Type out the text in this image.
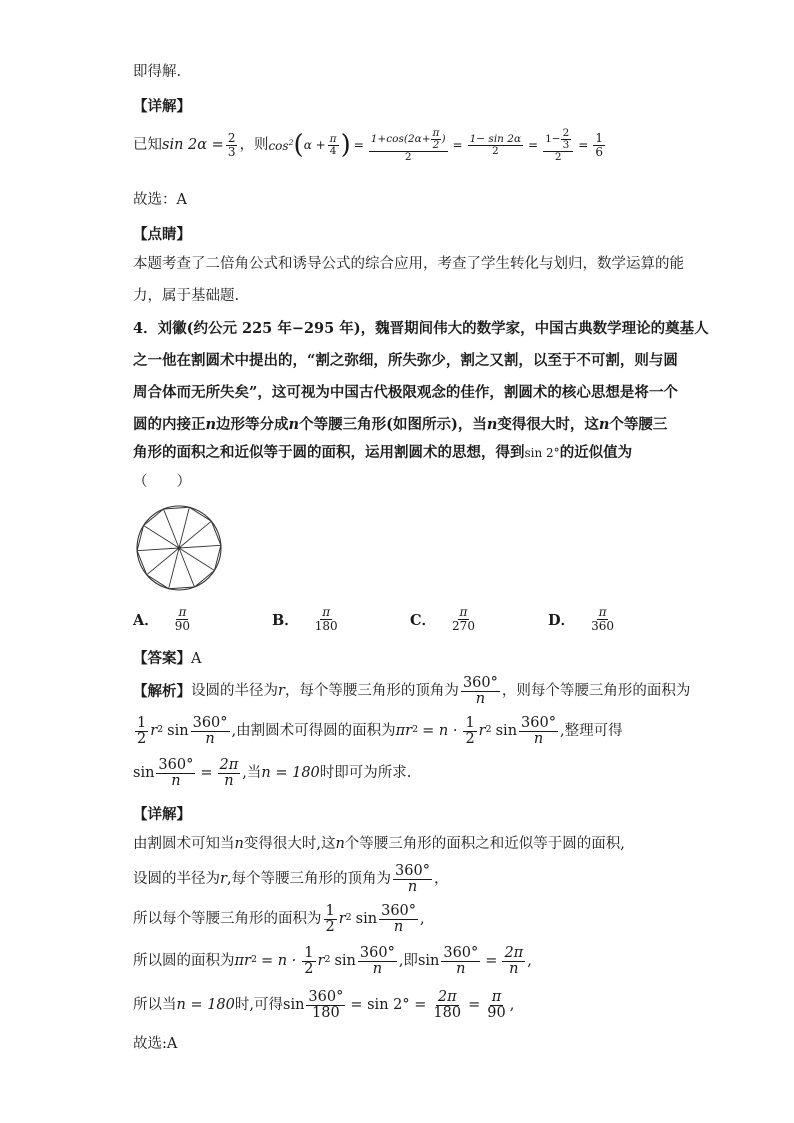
即得解.
【详解】
已知 $\sin 2\alpha = \frac{2}{3}$ ，则 $\cos^2$ ( $\alpha + \frac{\pi}{4}$ ) = $\frac{1+\cos(2\alpha+ \frac{\pi}{2} )}{2} = \frac{1- \sin 2\alpha}{2} = \frac{1- \frac{2}{3}}{2} = \frac{1}{6}$
故选：A
【点睛】
本题考查了二倍角公式和诱导公式的综合应用，考查了学生转化与划归，数学运算的能
力，属于基础题.
4．刘徽(约公元 225 年−295 年)，魏晋期间伟大的数学家，中国古典数学理论的奠基人
之一他在割圆术中提出的，“割之弥细，所失弥少，割之又割，以至于不可割，则与圆
周合体而无所失矣”，这可视为中国古代极限观念的佳作，割圆术的核心思想是将一个
圆的内接正n边形等分成n个等腰三角形(如图所示)，当n变得很大时，这n个等腰三
角形的面积之和近似等于圆的面积，运用割圆术的思想，得到sin 2°的近似值为
（　　）
A． $\frac{\pi}{90}$	B． $\frac{\pi}{180}$	C． $\frac{\pi}{270}$	D． $\frac{\pi}{360}$
【答案】A
【解析】 设圆的半径为 r ，每个等腰三角形的顶角为 $\frac{360^\circ}{n}$ ，则每个等腰三角形的面积为
$\frac{1}{2}$ r 2 $\sin \frac{360^\circ}{n}$ ,由割圆术可得圆的面积为 πr $2 = n \cdot \frac{1}{2}$ r 2 $\sin \frac{360^\circ}{n}$ ,整理可得
$\sin \frac{360^\circ}{n} = \frac{2\pi}{n}$ ,当 n = 180 时即可为所求.
【详解】
由割圆术可知当n变得很大时,这n个等腰三角形的面积之和近似等于圆的面积,
设圆的半径为 r ,每个等腰三角形的顶角为 $\frac{360^\circ}{n}$ ，
所以每个等腰三角形的面积为 $\frac{1}{2}$ r 2 $\sin \frac{360^\circ}{n}$ ,
所以圆的面积为 πr $2 = n \cdot \frac{1}{2}$ r 2 $\sin \frac{360^\circ}{n}$ ,即 $\sin \frac{360^\circ}{n} = \frac{2\pi}{n}$ ,
所以当 n = 180 时,可得 $\sin \frac{360^\circ}{180} = \sin 2^\circ = \frac{2\pi}{180} = \frac{\pi}{90}$ ,
故选:A
